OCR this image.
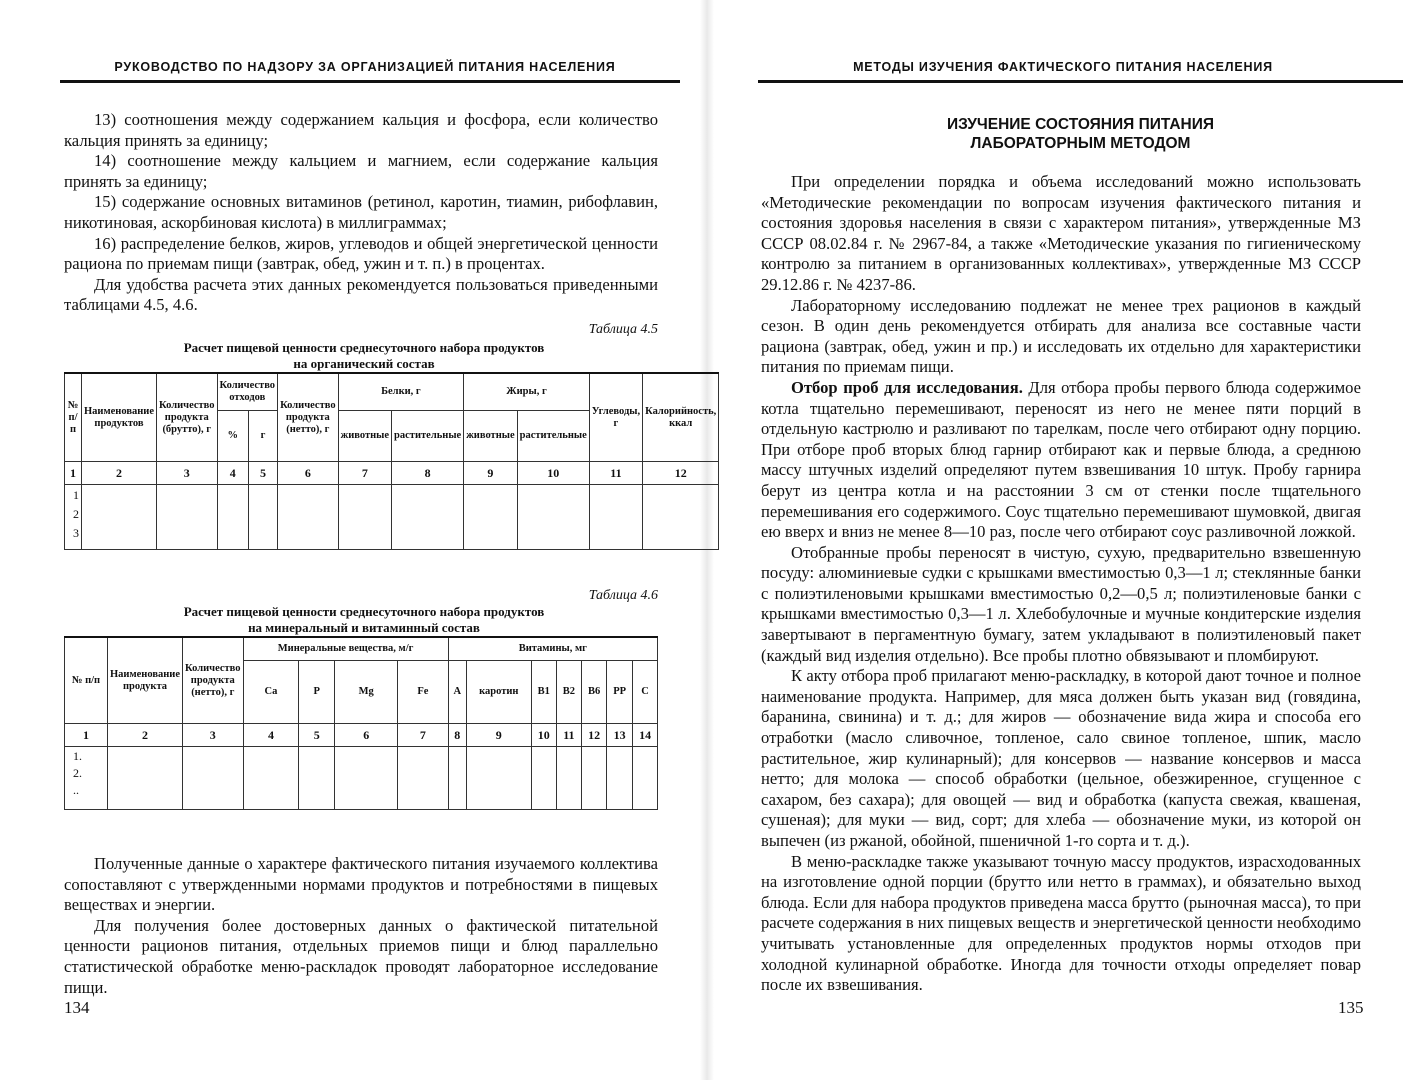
РУКОВОДСТВО ПО НАДЗОРУ ЗА ОРГАНИЗАЦИЕЙ ПИТАНИЯ НАСЕЛЕНИЯ

13) соотношения между содержанием кальция и фосфора, если количество кальция принять за единицу;

14) соотношение между кальцием и магнием, если содержание кальция принять за единицу;

15) содержание основных витаминов (ретинол, каротин, тиамин, рибофлавин, никотиновая, аскорбиновая кислота) в миллиграммах;

16) распределение белков, жиров, углеводов и общей энергетической ценности рациона по приемам пищи (завтрак, обед, ужин и т. п.) в процентах.

Для удобства расчета этих данных рекомендуется пользоваться приведенными таблицами 4.5, 4.6.

Таблица 4.5
Расчет пищевой ценности среднесуточного набора продуктов
на органический состав
№ п/п	Наименование продуктов	Количество продукта (брутто), г	Количество отходов		Количество продукта (нетто), г	Белки, г		Жиры, г		Углеводы, г	Калорийность, ккал
			%	г		животные	растительные	животные	растительные		
1	2	3	4	5	6	7	8	9	10	11	12

1
2
3											

Таблица 4.6
Расчет пищевой ценности среднесуточного набора продуктов
на минеральный и витаминный состав
№ п/п	Наименование продукта	Количество продукта (нетто), г	Минеральные вещества, м/г				Витамины, мг						
			Ca	P	Mg	Fe	A	каротин	B1	B2	B6	PP	C
1	2	3	4	5	6	7	8	9	10	11	12	13	14

1.
2.
..													

Полученные данные о характере фактического питания изучаемого коллектива сопоставляют с утвержденными нормами продуктов и потребностями в пищевых веществах и энергии.

Для получения более достоверных данных о фактической питательной ценности рационов питания, отдельных приемов пищи и блюд параллельно статистической обработке меню-раскладок проводят лабораторное исследование пищи.

134
МЕТОДЫ ИЗУЧЕНИЯ ФАКТИЧЕСКОГО ПИТАНИЯ НАСЕЛЕНИЯ
ИЗУЧЕНИЕ СОСТОЯНИЯ ПИТАНИЯ
ЛАБОРАТОРНЫМ МЕТОДОМ

При определении порядка и объема исследований можно использовать «Методические рекомендации по вопросам изучения фактического питания и состояния здоровья населения в связи с характером питания», утвержденные МЗ СССР 08.02.84 г. № 2967-84, а также «Методические указания по гигиеническому контролю за питанием в организованных коллективах», утвержденные МЗ СССР 29.12.86 г. № 4237-86.

Лабораторному исследованию подлежат не менее трех рационов в каждый сезон. В один день рекомендуется отбирать для анализа все составные части рациона (завтрак, обед, ужин и пр.) и исследовать их отдельно для характеристики питания по приемам пищи.

Отбор проб для исследования. Для отбора пробы первого блюда содержимое котла тщательно перемешивают, переносят из него не менее пяти порций в отдельную кастрюлю и разливают по тарелкам, после чего отбирают одну порцию. При отборе проб вторых блюд гарнир отбирают как и первые блюда, а среднюю массу штучных изделий определяют путем взвешивания 10 штук. Пробу гарнира берут из центра котла и на расстоянии 3 см от стенки после тщательного перемешивания его содержимого. Соус тщательно перемешивают шумовкой, двигая ею вверх и вниз не менее 8—10 раз, после чего отбирают соус разливочной ложкой.

Отобранные пробы переносят в чистую, сухую, предварительно взвешенную посуду: алюминиевые судки с крышками вместимостью 0,3—1 л; стеклянные банки с полиэтиленовыми крышками вместимостью 0,2—0,5 л; полиэтиленовые банки с крышками вместимостью 0,3—1 л. Хлебобулочные и мучные кондитерские изделия завертывают в пергаментную бумагу, затем укладывают в полиэтиленовый пакет (каждый вид изделия отдельно). Все пробы плотно обвязывают и пломбируют.

К акту отбора проб прилагают меню-раскладку, в которой дают точное и полное наименование продукта. Например, для мяса должен быть указан вид (говядина, баранина, свинина) и т. д.; для жиров — обозначение вида жира и способа его отработки (масло сливочное, топленое, сало свиное топленое, шпик, масло растительное, жир кулинарный); для консервов — название консервов и масса нетто; для молока — способ обработки (цельное, обезжиренное, сгущенное с сахаром, без сахара); для овощей — вид и обработка (капуста свежая, квашеная, сушеная); для муки — вид, сорт; для хлеба — обозначение муки, из которой он выпечен (из ржаной, обойной, пшеничной 1-го сорта и т. д.).

В меню-раскладке также указывают точную массу продуктов, израсходованных на изготовление одной порции (брутто или нетто в граммах), и обязательно выход блюда. Если для набора продуктов приведена масса брутто (рыночная масса), то при расчете содержания в них пищевых веществ и энергетической ценности необходимо учитывать установленные для определенных продуктов нормы отходов при холодной кулинарной обработке. Иногда для точности отходы определяет повар после их взвешивания.

135
